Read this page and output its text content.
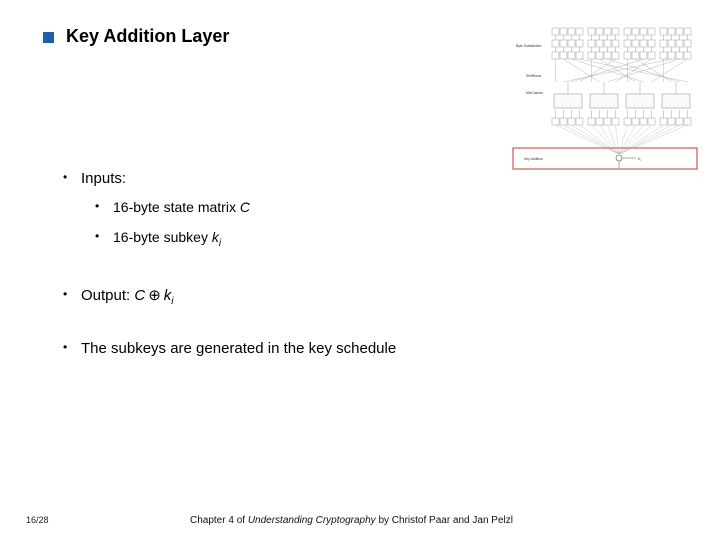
Key Addition Layer	Byte Substitution
ShiftRows
MixColumn
Key Addition	$k_i$
• Inputs:
• 16-byte state matrix C
• 16-byte subkey $k_i$
• Output: C ⊕ $k_i$
• The subkeys are generated in the key schedule
16/28	Chapter 4 of Understanding Cryptography by Christof Paar and Jan Pelzl
